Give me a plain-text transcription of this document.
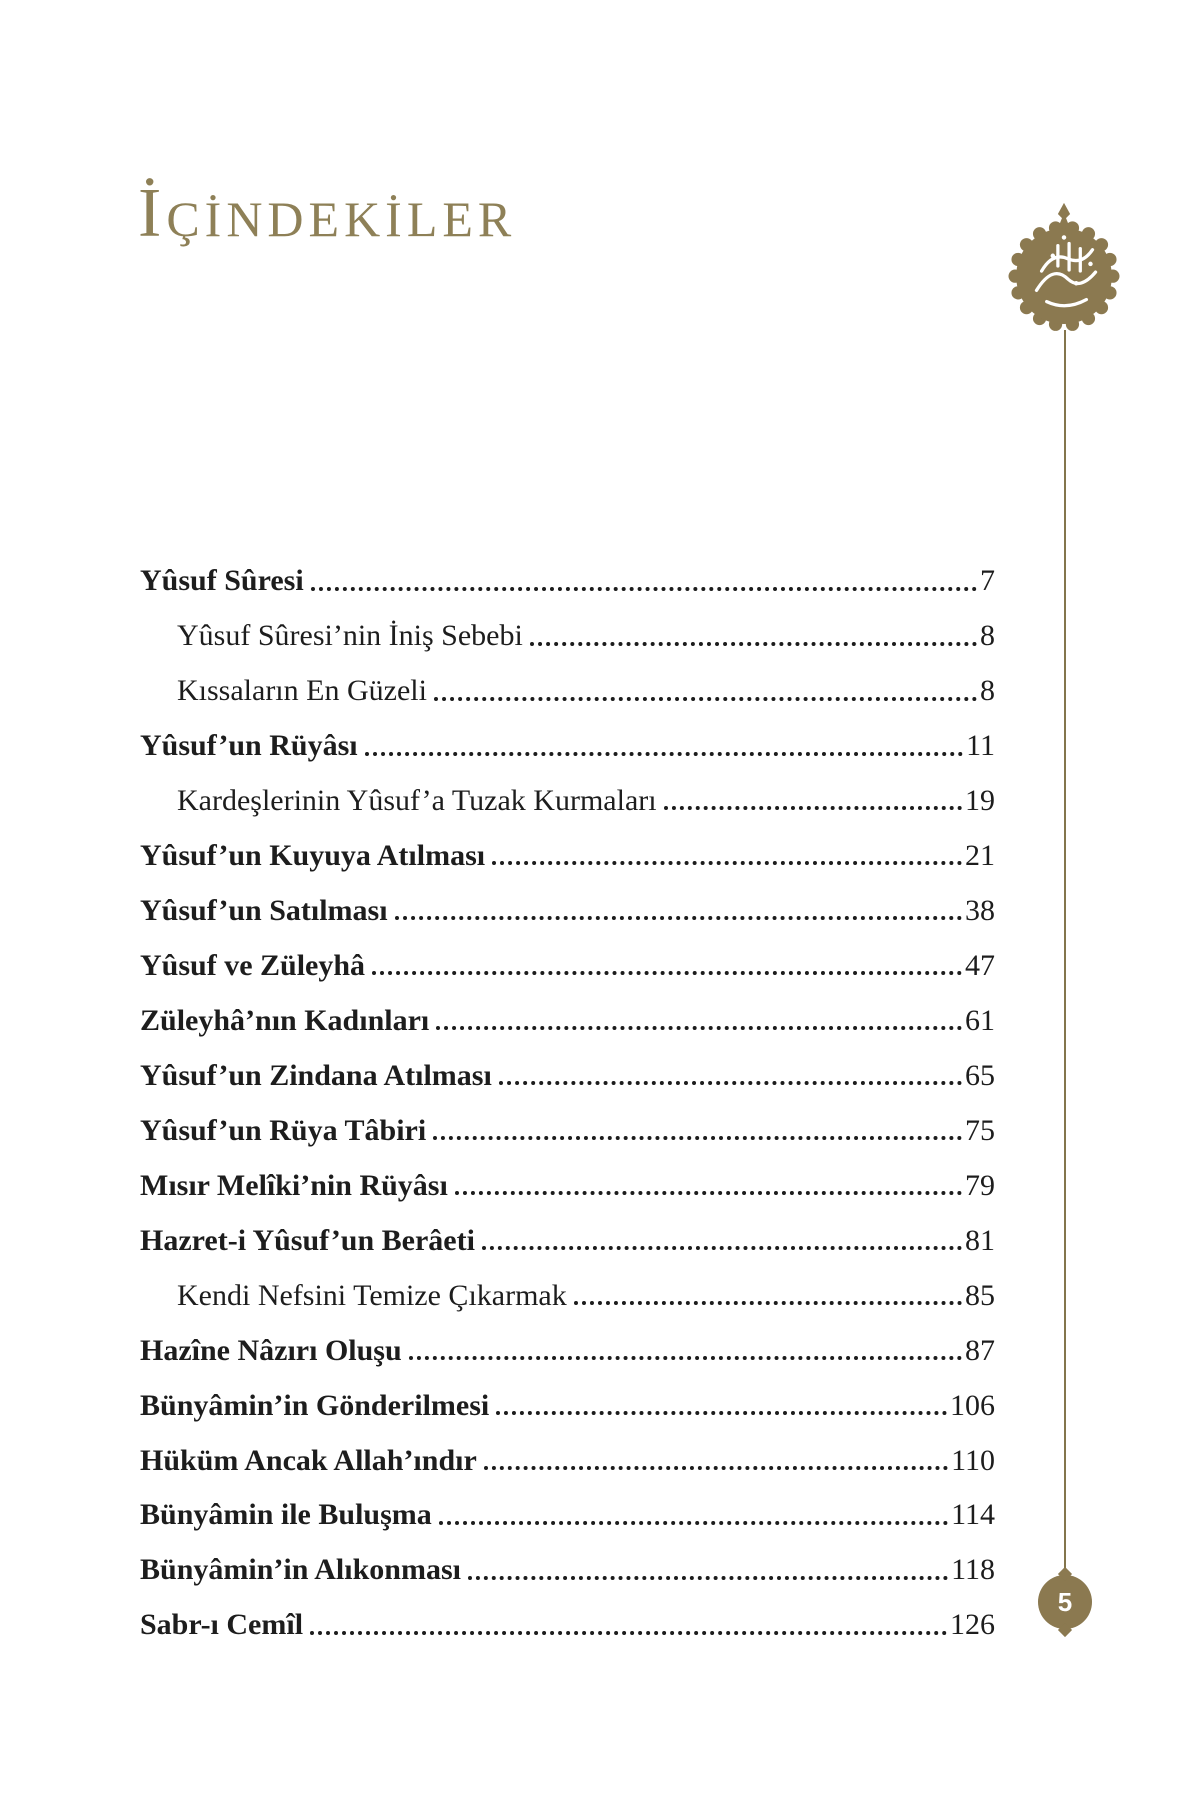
İÇİNDEKİLER
Yûsuf Sûresi	7
Yûsuf Sûresi’nin İniş Sebebi	8
Kıssaların En Güzeli	8
Yûsuf’un Rüyâsı	11
Kardeşlerinin Yûsuf’a Tuzak Kurmaları	19
Yûsuf’un Kuyuya Atılması	21
Yûsuf’un Satılması	38
Yûsuf ve Züleyhâ	47
Züleyhâ’nın Kadınları	61
Yûsuf’un Zindana Atılması	65
Yûsuf’un Rüya Tâbiri	75
Mısır Melîki’nin Rüyâsı	79
Hazret-i Yûsuf’un Berâeti	81
Kendi Nefsini Temize Çıkarmak	85
Hazîne Nâzırı Oluşu	87
Bünyâmin’in Gönderilmesi	106
Hüküm Ancak Allah’ındır	110
Bünyâmin ile Buluşma	114
Bünyâmin’in Alıkonması	118
Sabr-ı Cemîl	126
5
